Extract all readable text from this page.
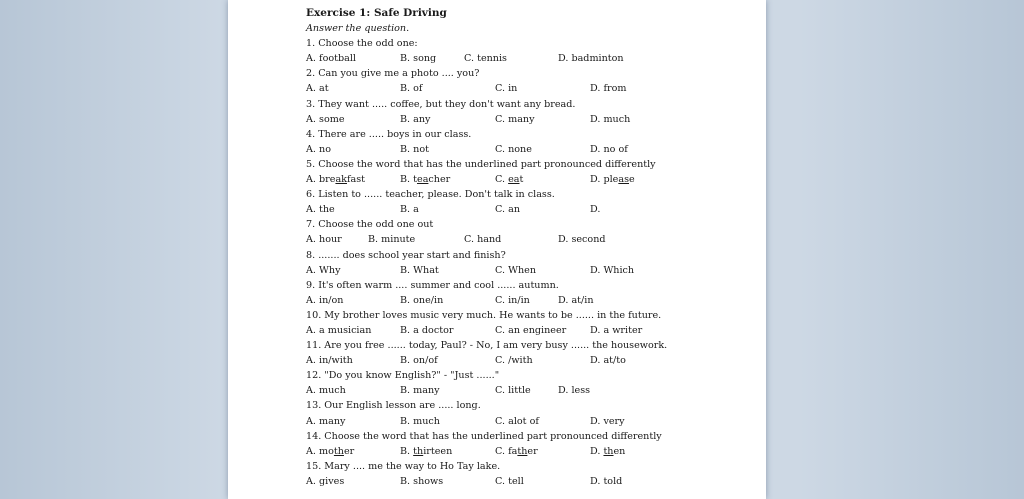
Exercise 1: Safe Driving
Answer the question.
1. Choose the odd one:
A. football	B. song	C. tennis	D. badminton
2. Can you give me a photo .... you?
A. at	B. of	C. in	D. from
3. They want ..... coffee, but they don't want any bread.
A. some	B. any	C. many	D. much
4. There are ..... boys in our class.
A. no	B. not	C. none	D. no of
5. Choose the word that has the underlined part pronounced differently
A. breakfast	B. teacher	C. eat	D. please
6. Listen to ...... teacher, please. Don't talk in class.
A. the	B. a	C. an	D.
7. Choose the odd one out
A. hour	B. minute	C. hand	D. second
8. ....... does school year start and finish?
A. Why	B. What	C. When	D. Which
9. It's often warm .... summer and cool ...... autumn.
A. in/on	B. one/in	C. in/in	D. at/in
10. My brother loves music very much. He wants to be ...... in the future.
A. a musician	B. a doctor	C. an engineer D. a writer
11. Are you free ...... today, Paul? - No, I am very busy ...... the housework.
A. in/with	B. on/of	C. /with	D. at/to
12. "Do you know English?" - "Just ......"
A. much	B. many	C. little	D. less
13. Our English lesson are ..... long.
A. many	B. much	C. alot of	D. very
14. Choose the word that has the underlined part pronounced differently
A. mother	B. thirteen	C. father	D. then
15. Mary .... me the way to Ho Tay lake.
A. gives	B. shows	C. tell	D. told
